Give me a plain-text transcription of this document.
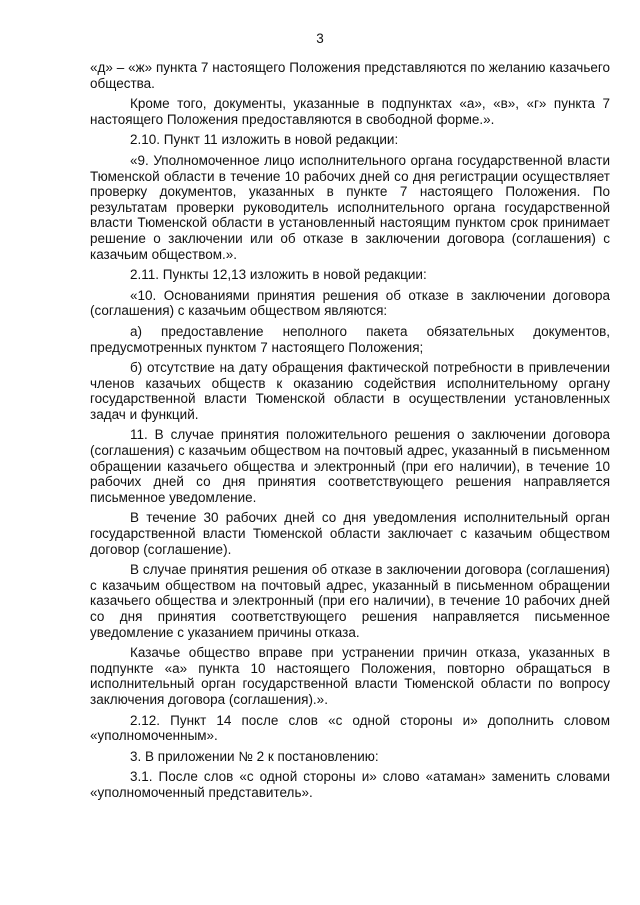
3

«д» – «ж» пункта 7 настоящего Положения представляются по желанию казачьего общества.

Кроме того, документы, указанные в подпунктах «а», «в», «г» пункта 7 настоящего Положения предоставляются в свободной форме.».

2.10. Пункт 11 изложить в новой редакции:

«9. Уполномоченное лицо исполнительного органа государственной власти Тюменской области в течение 10 рабочих дней со дня регистрации осуществляет проверку документов, указанных в пункте 7 настоящего Положения. По результатам проверки руководитель исполнительного органа государственной власти Тюменской области в установленный настоящим пунктом срок принимает решение о заключении или об отказе в заключении договора (соглашения) с казачьим обществом.».

2.11. Пункты 12,13 изложить в новой редакции:

«10. Основаниями принятия решения об отказе в заключении договора (соглашения) с казачьим обществом являются:

а) предоставление неполного пакета обязательных документов, предусмотренных пунктом 7 настоящего Положения;

б) отсутствие на дату обращения фактической потребности в привлечении членов казачьих обществ к оказанию содействия исполнительному органу государственной власти Тюменской области в осуществлении установленных задач и функций.

11. В случае принятия положительного решения о заключении договора (соглашения) с казачьим обществом на почтовый адрес, указанный в письменном обращении казачьего общества и электронный (при его наличии), в течение 10 рабочих дней со дня принятия соответствующего решения направляется письменное уведомление.

В течение 30 рабочих дней со дня уведомления исполнительный орган государственной власти Тюменской области заключает с казачьим обществом договор (соглашение).

В случае принятия решения об отказе в заключении договора (соглашения) с казачьим обществом на почтовый адрес, указанный в письменном обращении казачьего общества и электронный (при его наличии), в течение 10 рабочих дней со дня принятия соответствующего решения направляется письменное уведомление с указанием причины отказа.

Казачье общество вправе при устранении причин отказа, указанных в подпункте «а» пункта 10 настоящего Положения, повторно обращаться в исполнительный орган государственной власти Тюменской области по вопросу заключения договора (соглашения).».

2.12. Пункт 14 после слов «с одной стороны и» дополнить словом «уполномоченным».

3. В приложении № 2 к постановлению:

3.1. После слов «с одной стороны и» слово «атаман» заменить словами «уполномоченный представитель».
